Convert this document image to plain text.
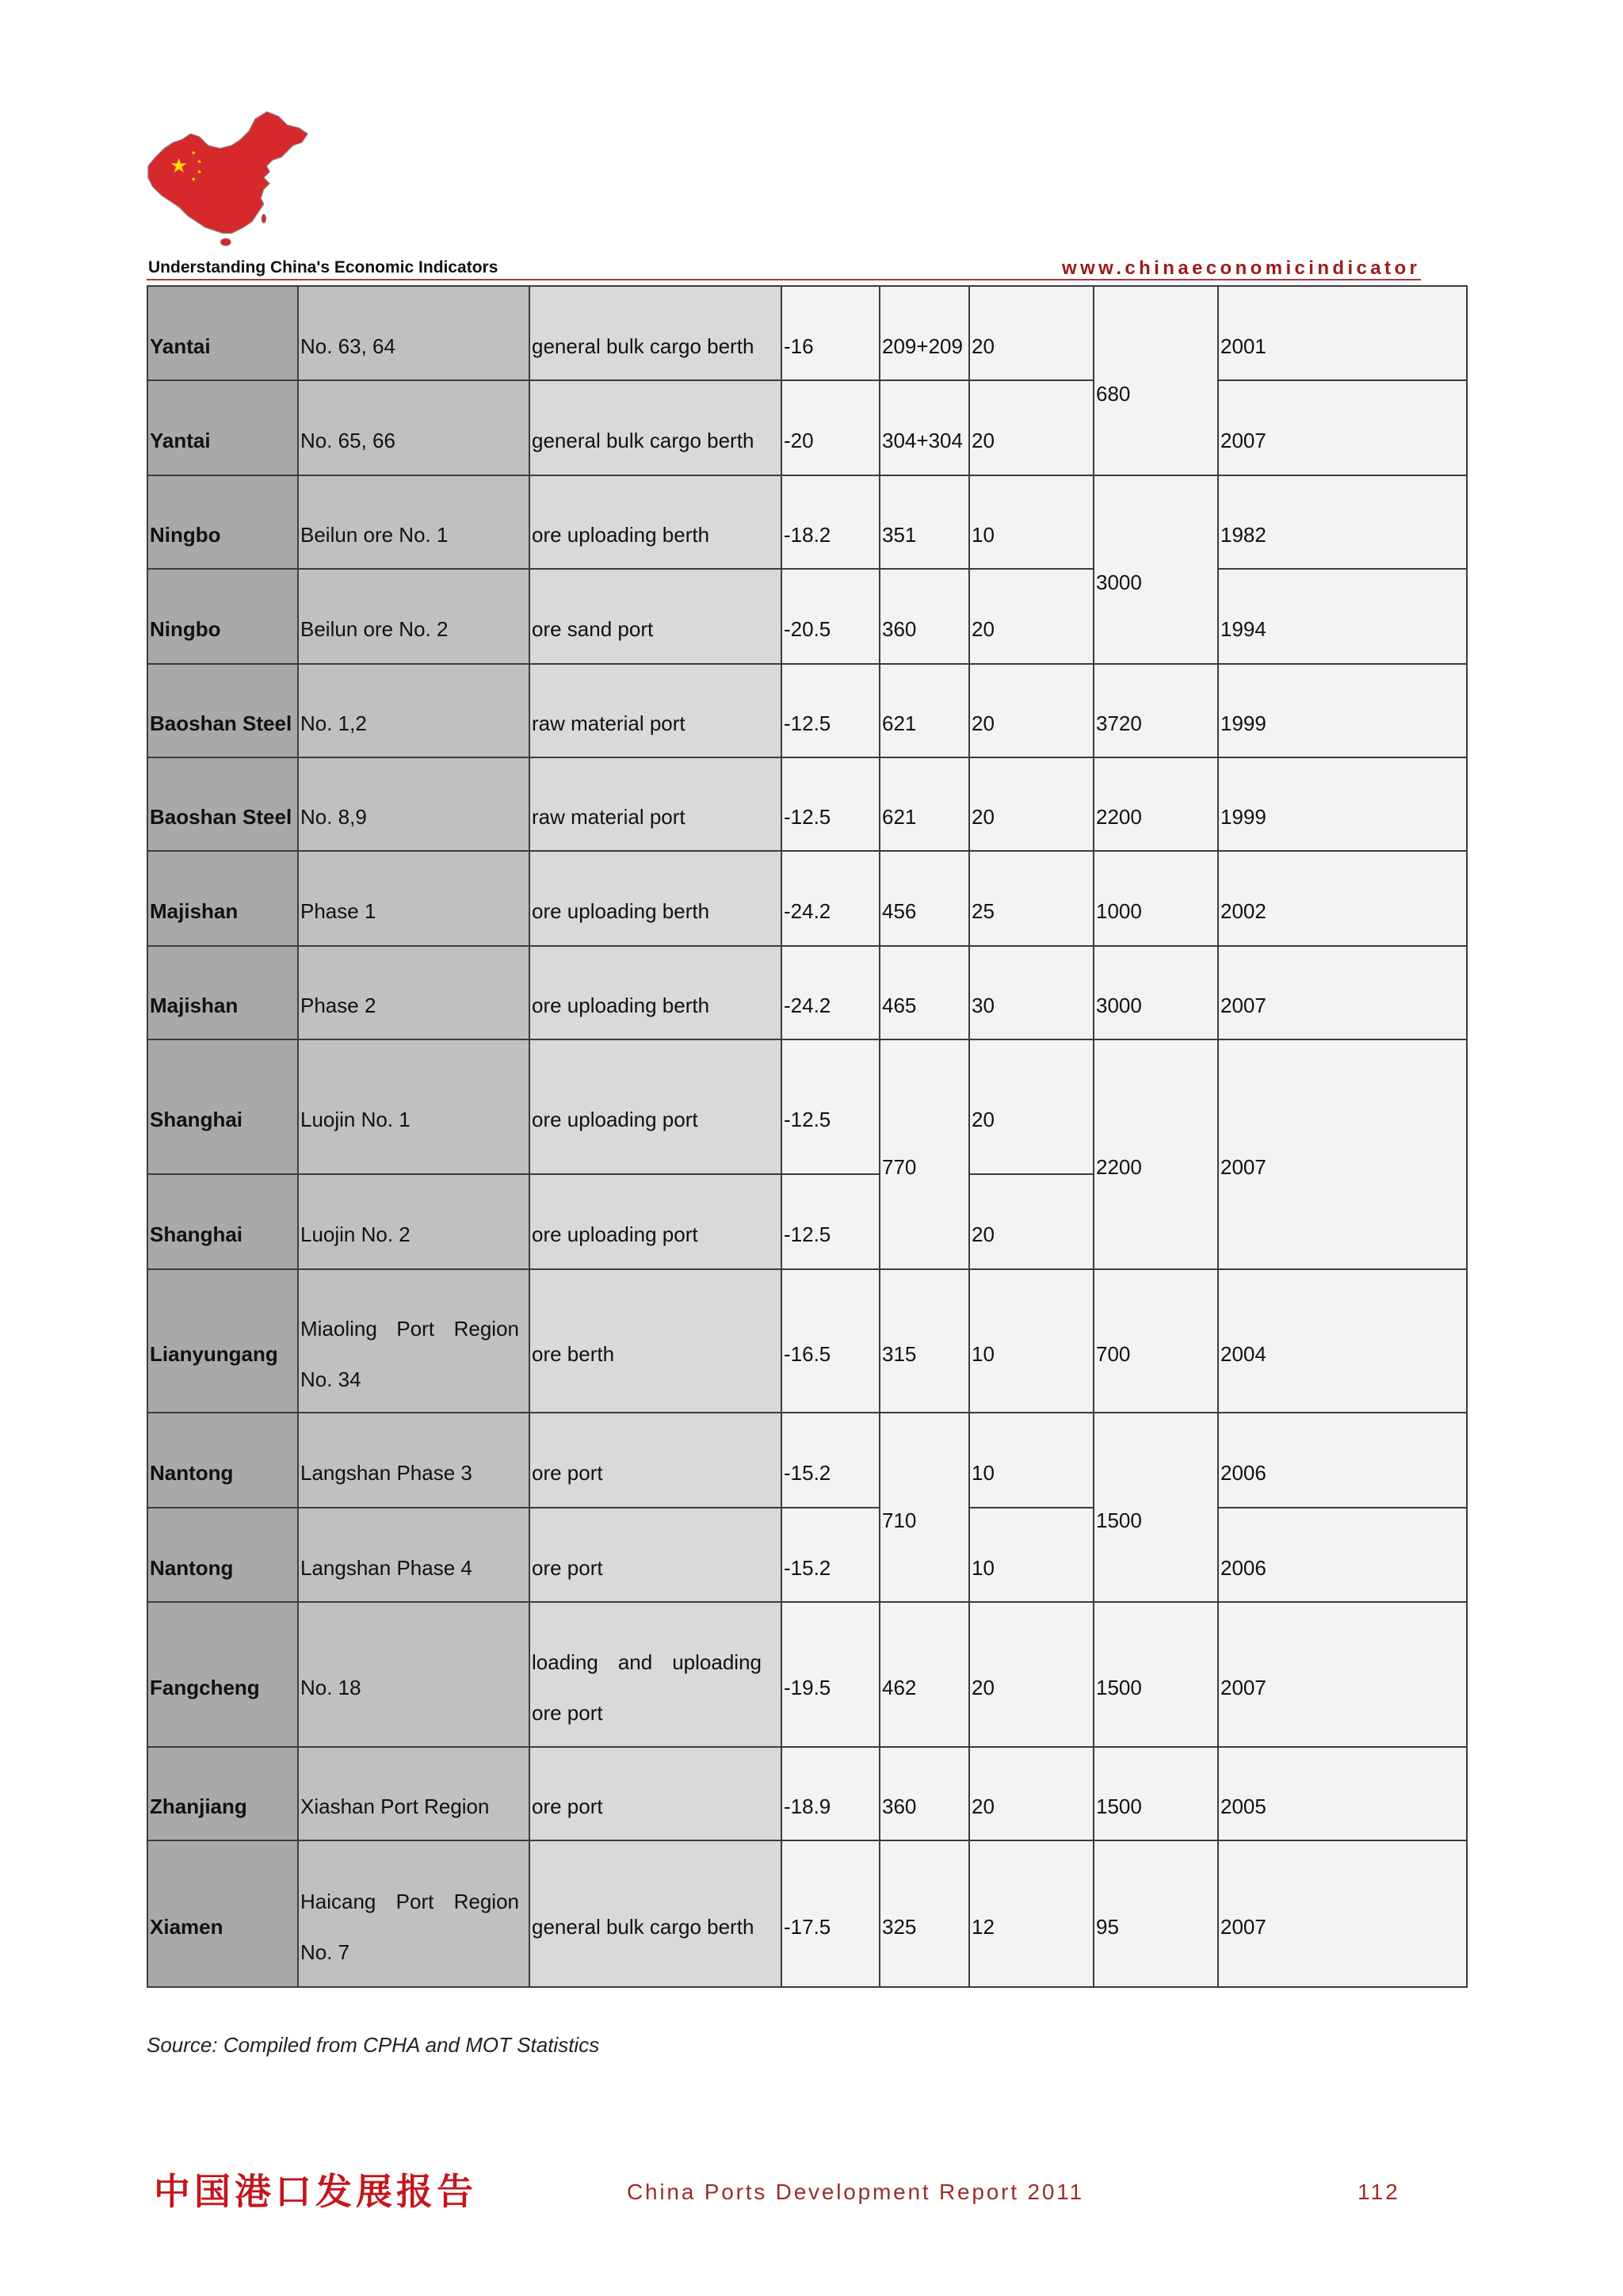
Understanding China's Economic Indicators	www.chinaeconomicindicator
Yantai	No. 63, 64	general bulk cargo berth	-16	209+209	20	680	2001
Yantai	No. 65, 66	general bulk cargo berth	-20	304+304	20		2007
Ningbo	Beilun ore No. 1	ore uploading berth	-18.2	351	10	3000	1982
Ningbo	Beilun ore No. 2	ore sand port	-20.5	360	20		1994
Baoshan Steel	No. 1,2	raw material port	-12.5	621	20	3720	1999
Baoshan Steel	No. 8,9	raw material port	-12.5	621	20	2200	1999
Majishan	Phase 1	ore uploading berth	-24.2	456	25	1000	2002
Majishan	Phase 2	ore uploading berth	-24.2	465	30	3000	2007
Shanghai	Luojin No. 1	ore uploading port	-12.5	770	20	2200	2007
Shanghai	Luojin No. 2	ore uploading port	-12.5		20		
Lianyungang	Miaoling Port Region No. 34	ore berth	-16.5	315	10	700	2004
Nantong	Langshan Phase 3	ore port	-15.2	710	10	1500	2006
Nantong	Langshan Phase 4	ore port	-15.2		10		2006
Fangcheng	No. 18	loading and uploading ore port	-19.5	462	20	1500	2007
Zhanjiang	Xiashan Port Region	ore port	-18.9	360	20	1500	2005
Xiamen	Haicang Port Region No. 7	general bulk cargo berth	-17.5	325	12	95	2007
Source: Compiled from CPHA and MOT Statistics
中国港口发展报告	China Ports Development Report 2011	112
